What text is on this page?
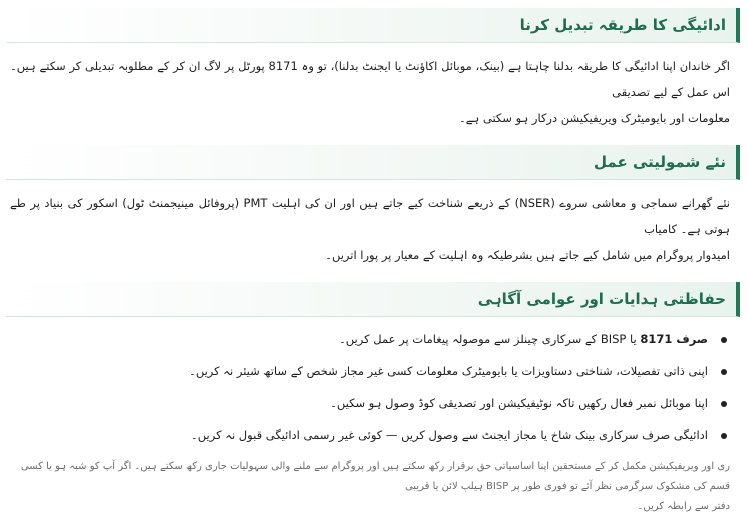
ادائیگی کا طریقہ تبدیل کرنا

اگر خاندان اپنا ادائیگی کا طریقہ بدلنا چاہتا ہے (بینک، موبائل اکاؤنٹ یا ایجنٹ بدلنا)، تو وہ 8171 پورٹل پر لاگ ان کر کے مطلوبہ تبدیلی کر سکتے ہیں۔ اس عمل کے لیے تصدیقی
معلومات اور بایومیٹرک ویریفیکیشن درکار ہو سکتی ہے۔

نئے شمولیتی عمل

نئے گھرانے سماجی و معاشی سروے (NSER) کے ذریعے شناخت کیے جاتے ہیں اور ان کی اہلیت PMT (پروفائل مینیجمنٹ ٹول) اسکور کی بنیاد پر طے ہوتی ہے۔ کامیاب
امیدوار پروگرام میں شامل کیے جاتے ہیں بشرطیکہ وہ اہلیت کے معیار پر پورا اتریں۔

حفاظتی ہدایات اور عوامی آگاہی
صرف 8171 یا BISP کے سرکاری چینلز سے موصولہ پیغامات پر عمل کریں۔
اپنی ذاتی تفصیلات، شناختی دستاویزات یا بایومیٹرک معلومات کسی غیر مجاز شخص کے ساتھ شیئر نہ کریں۔
اپنا موبائل نمبر فعال رکھیں تاکہ نوٹیفیکیشن اور تصدیقی کوڈ وصول ہو سکیں۔
ادائیگی صرف سرکاری بینک شاخ یا مجاز ایجنٹ سے وصول کریں — کوئی غیر رسمی ادائیگی قبول نہ کریں۔

ری اور ویریفیکیشن مکمل کر کے مستحقین اپنا اساسیاتی حق برقرار رکھ سکتے ہیں اور پروگرام سے ملنے والی سہولیات جاری رکھ سکتے ہیں۔ اگر آپ کو شبہ ہو یا کسی قسم کی مشکوک سرگرمی نظر آئے تو فوری طور پر BISP ہیلپ لائن یا قریبی
دفتر سے رابطہ کریں۔
